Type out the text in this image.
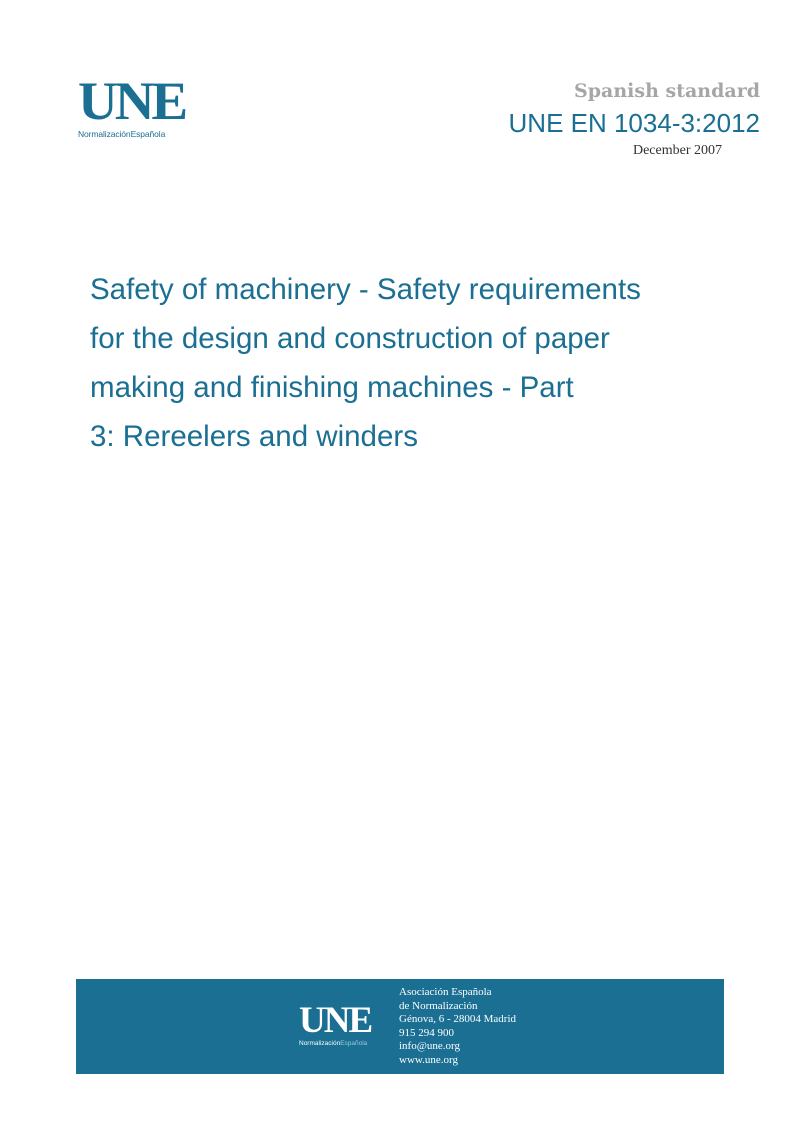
UNE
NormalizaciónEspañola
Spanish standard
UNE EN 1034-3:2012
December 2007
Safety of machinery - Safety requirements
for the design and construction of paper
making and finishing machines - Part
3: Rereelers and winders
UNE
NormalizaciónEspañola
Asociación Española
de Normalización
Génova, 6 - 28004 Madrid
915 294 900
info@une.org
www.une.org
